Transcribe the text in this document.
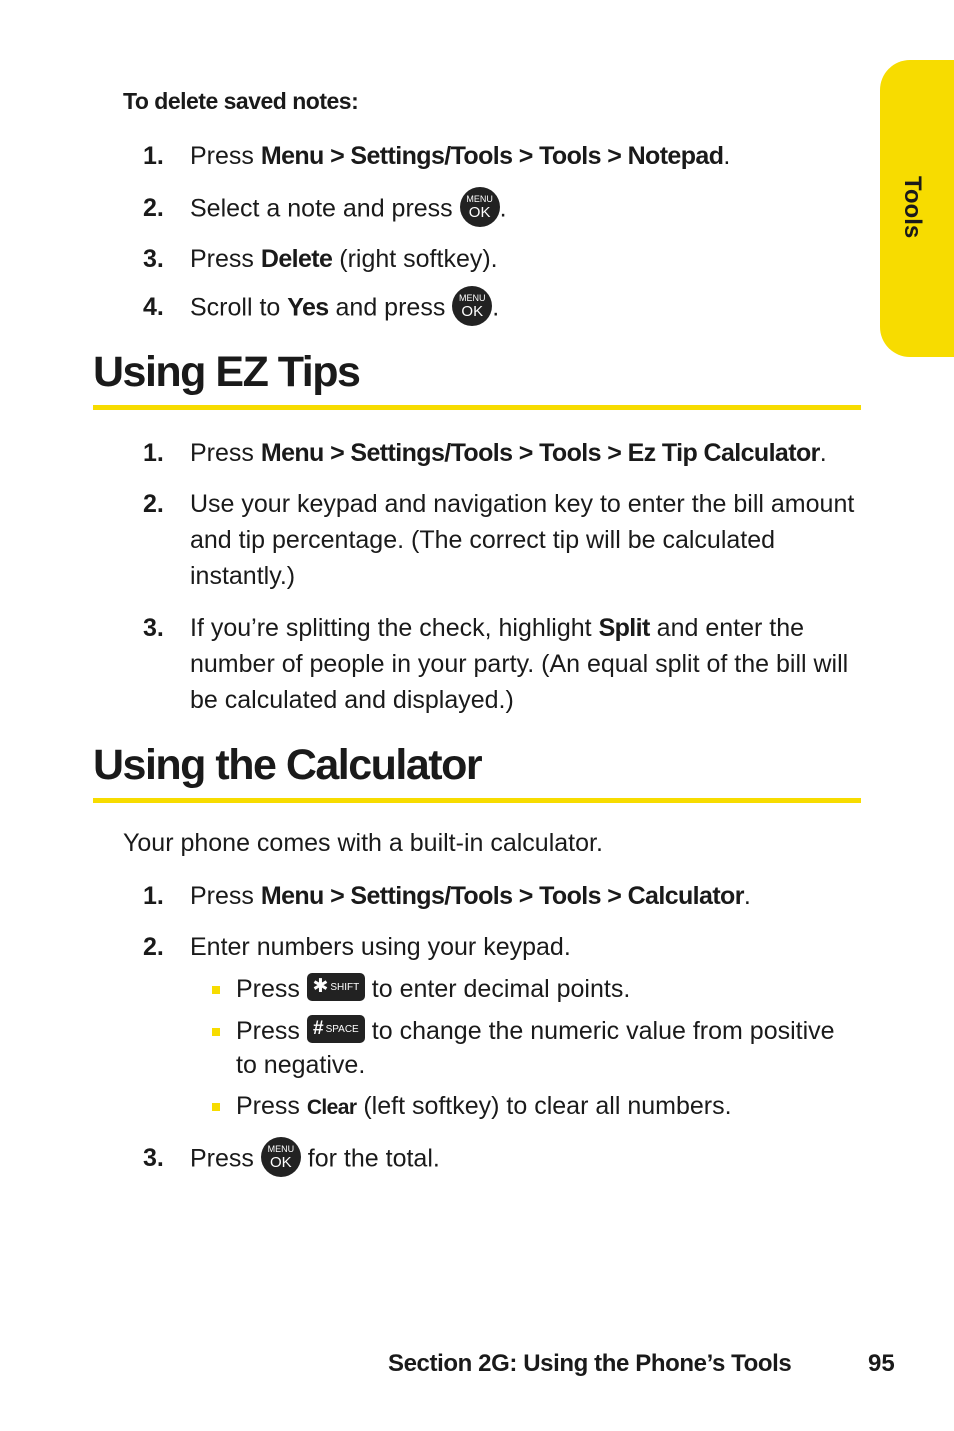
Tools
To delete saved notes:
1. Press Menu > Settings/Tools > Tools > Notepad.
2. Select a note and press MENU
OK .
3. Press Delete (right softkey).
4. Scroll to Yes and press MENU
OK .
Using EZ Tips
1. Press Menu > Settings/Tools > Tools > Ez Tip Calculator.
2. Use your keypad and navigation key to enter the bill amount and tip percentage. (The correct tip will be calculated instantly.)
3. If you’re splitting the check, highlight Split and enter the number of people in your party. (An equal split of the bill will be calculated and displayed.)
Using the Calculator
Your phone comes with a built-in calculator.
1. Press Menu > Settings/Tools > Tools > Calculator.
2. Enter numbers using your keypad.
Press ✱ SHIFT to enter decimal points.
Press # SPACE to change the numeric value from positive to negative.
Press Clear (left softkey) to clear all numbers.
3. Press MENU
OK for the total.
Section 2G: Using the Phone’s Tools	95
